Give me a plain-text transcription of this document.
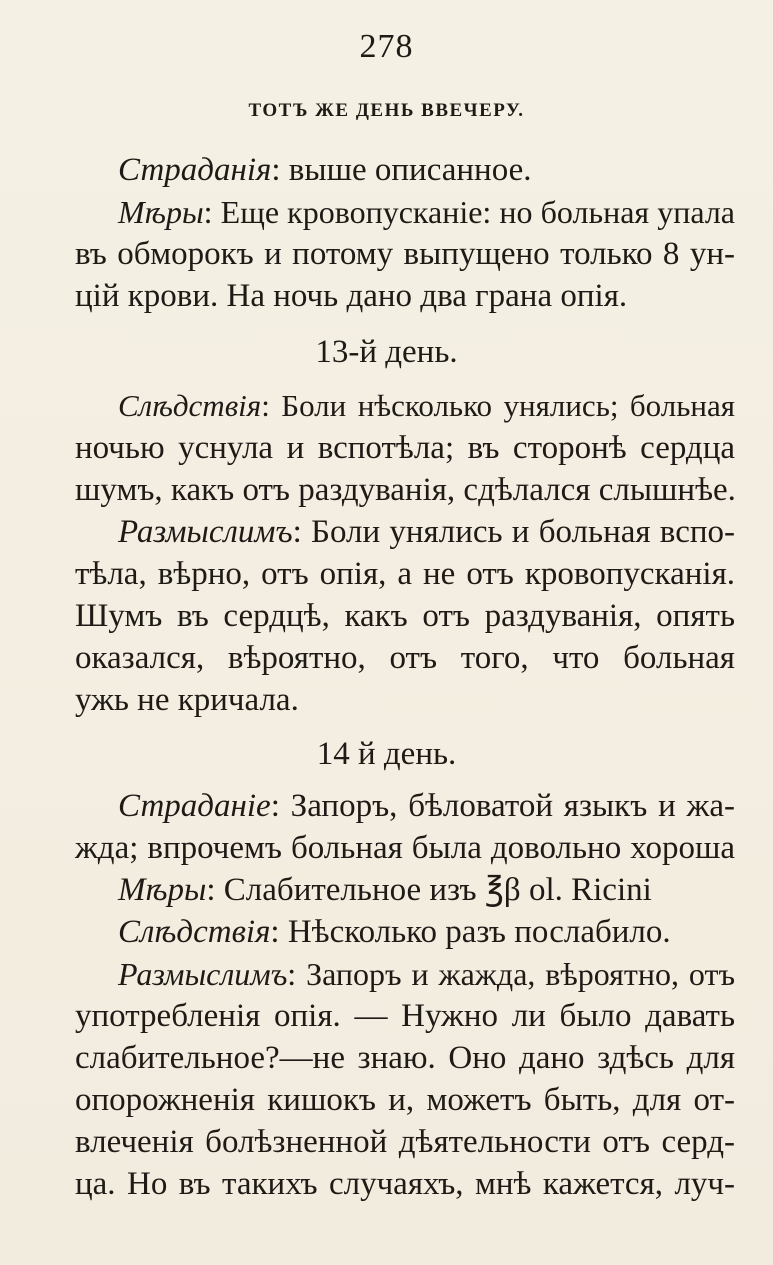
278
ТОТЪ ЖЕ ДЕНЬ ВВЕЧЕРУ.
Страданія: выше описанное.
Мѣры: Еще кровопусканіе: но больная упала
въ обморокъ и потому выпущено только 8 ун-
цій крови. На ночь дано два грана опія.
13-й день.
Слѣдствія: Боли нѣсколько унялись; больная
ночью уснула и вспотѣла; въ сторонѣ сердца
шумъ, какъ отъ раздуванія, сдѣлался слышнѣе.
Размыслимъ: Боли унялись и больная вспо-
тѣла, вѣрно, отъ опія, а не отъ кровопусканія.
Шумъ въ сердцѣ, какъ отъ раздуванія, опять
оказался, вѣроятно, отъ того, что больная
ужь не кричала.
14 й день.
Страданіе: Запоръ, бѣловатой языкъ и жа-
жда; впрочемъ больная была довольно хороша
Мѣры: Слабительное изъ ℥β ol. Ricini
Слѣдствія: Нѣсколько разъ послабило.
Размыслимъ: Запоръ и жажда, вѣроятно, отъ
употребленія опія. — Нужно ли было давать
слабительное?—не знаю. Оно дано здѣсь для
опорожненія кишокъ и, можетъ быть, для от-
влеченія болѣзненной дѣятельности отъ серд-
ца. Но въ такихъ случаяхъ, мнѣ кажется, луч-
